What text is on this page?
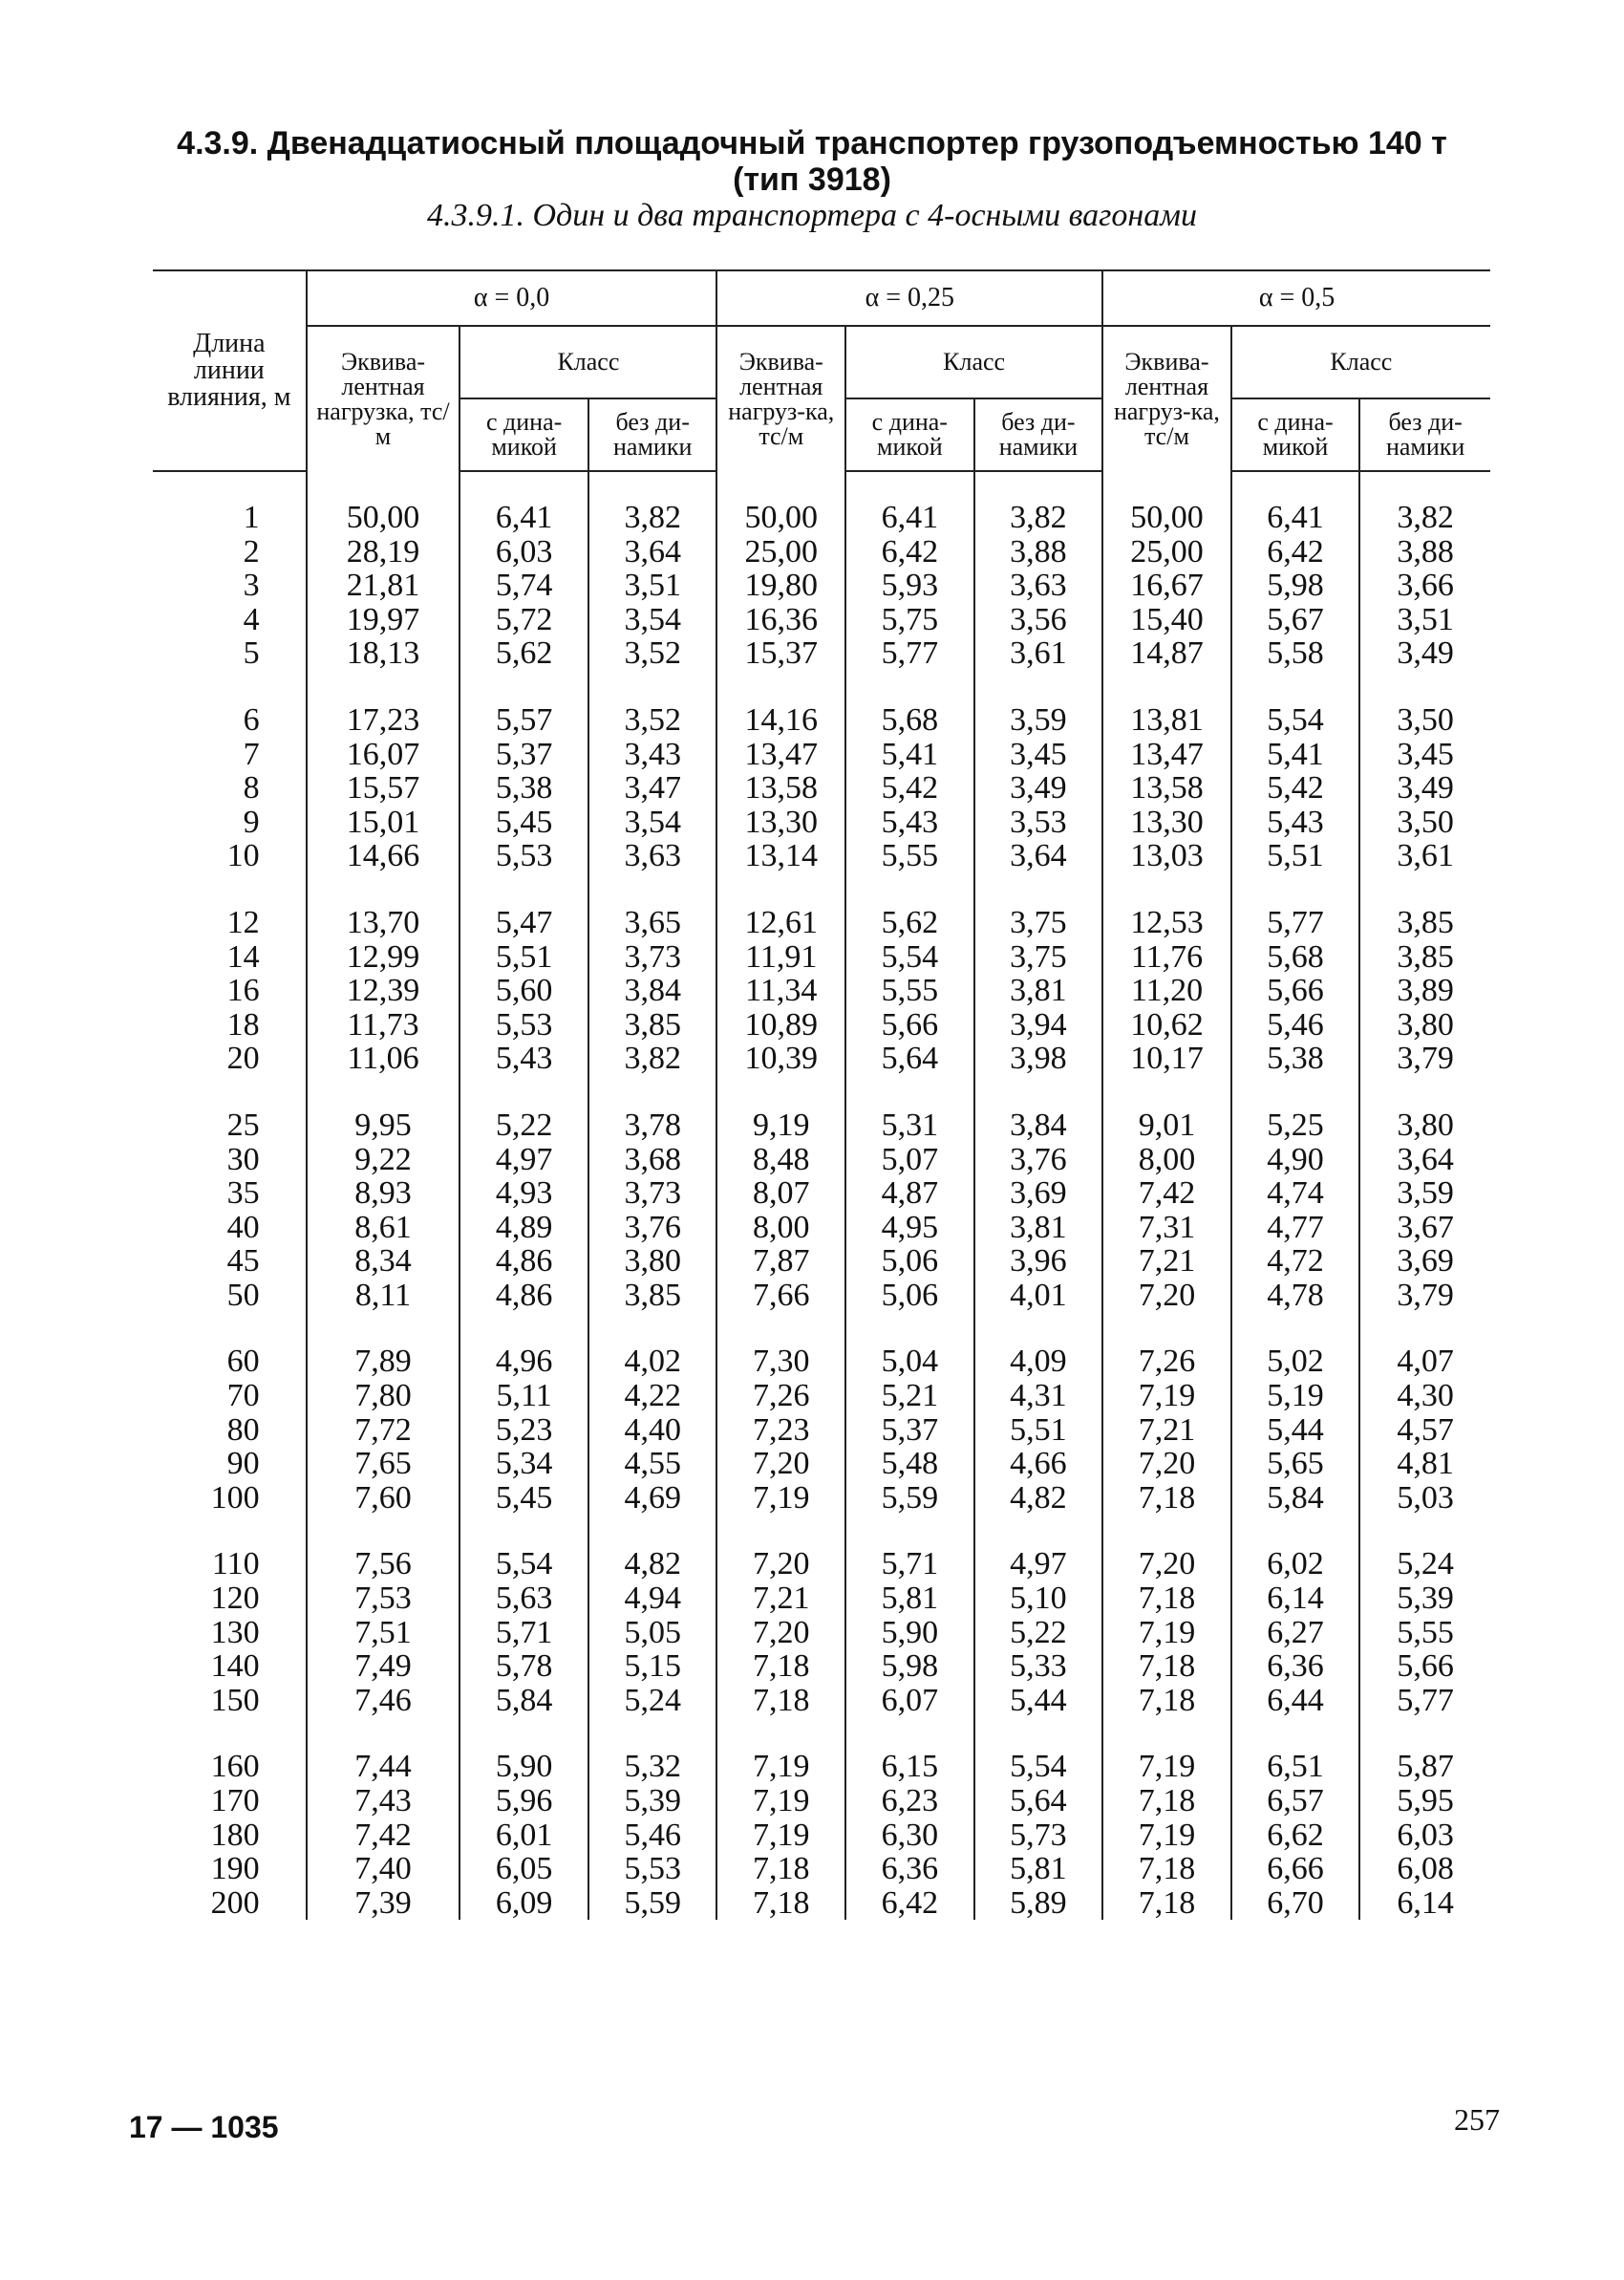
4.3.9. Двенадцатиосный площадочный транспортер грузоподъемностью 140 т
(тип 3918)
4.3.9.1. Один и два транспортера с 4-осными вагонами
Длина линии влияния, м	α = 0,0			α = 0,25			α = 0,5		
	Эквива-лентная нагрузка, тс/м	Класс		Эквива-лентная нагруз-ка, тс/м	Класс		Эквива-лентная нагруз-ка, тс/м	Класс	
		с дина-микой	без ди-намики		с дина-микой	без ди-намики		с дина-микой	без ди-намики
1	50,00	6,41	3,82	50,00	6,41	3,82	50,00	6,41	3,82
2	28,19	6,03	3,64	25,00	6,42	3,88	25,00	6,42	3,88
3	21,81	5,74	3,51	19,80	5,93	3,63	16,67	5,98	3,66
4	19,97	5,72	3,54	16,36	5,75	3,56	15,40	5,67	3,51
5	18,13	5,62	3,52	15,37	5,77	3,61	14,87	5,58	3,49
6	17,23	5,57	3,52	14,16	5,68	3,59	13,81	5,54	3,50
7	16,07	5,37	3,43	13,47	5,41	3,45	13,47	5,41	3,45
8	15,57	5,38	3,47	13,58	5,42	3,49	13,58	5,42	3,49
9	15,01	5,45	3,54	13,30	5,43	3,53	13,30	5,43	3,50
10	14,66	5,53	3,63	13,14	5,55	3,64	13,03	5,51	3,61
12	13,70	5,47	3,65	12,61	5,62	3,75	12,53	5,77	3,85
14	12,99	5,51	3,73	11,91	5,54	3,75	11,76	5,68	3,85
16	12,39	5,60	3,84	11,34	5,55	3,81	11,20	5,66	3,89
18	11,73	5,53	3,85	10,89	5,66	3,94	10,62	5,46	3,80
20	11,06	5,43	3,82	10,39	5,64	3,98	10,17	5,38	3,79
25	9,95	5,22	3,78	9,19	5,31	3,84	9,01	5,25	3,80
30	9,22	4,97	3,68	8,48	5,07	3,76	8,00	4,90	3,64
35	8,93	4,93	3,73	8,07	4,87	3,69	7,42	4,74	3,59
40	8,61	4,89	3,76	8,00	4,95	3,81	7,31	4,77	3,67
45	8,34	4,86	3,80	7,87	5,06	3,96	7,21	4,72	3,69
50	8,11	4,86	3,85	7,66	5,06	4,01	7,20	4,78	3,79
60	7,89	4,96	4,02	7,30	5,04	4,09	7,26	5,02	4,07
70	7,80	5,11	4,22	7,26	5,21	4,31	7,19	5,19	4,30
80	7,72	5,23	4,40	7,23	5,37	5,51	7,21	5,44	4,57
90	7,65	5,34	4,55	7,20	5,48	4,66	7,20	5,65	4,81
100	7,60	5,45	4,69	7,19	5,59	4,82	7,18	5,84	5,03
110	7,56	5,54	4,82	7,20	5,71	4,97	7,20	6,02	5,24
120	7,53	5,63	4,94	7,21	5,81	5,10	7,18	6,14	5,39
130	7,51	5,71	5,05	7,20	5,90	5,22	7,19	6,27	5,55
140	7,49	5,78	5,15	7,18	5,98	5,33	7,18	6,36	5,66
150	7,46	5,84	5,24	7,18	6,07	5,44	7,18	6,44	5,77
160	7,44	5,90	5,32	7,19	6,15	5,54	7,19	6,51	5,87
170	7,43	5,96	5,39	7,19	6,23	5,64	7,18	6,57	5,95
180	7,42	6,01	5,46	7,19	6,30	5,73	7,19	6,62	6,03
190	7,40	6,05	5,53	7,18	6,36	5,81	7,18	6,66	6,08
200	7,39	6,09	5,59	7,18	6,42	5,89	7,18	6,70	6,14
17 — 1035	257
